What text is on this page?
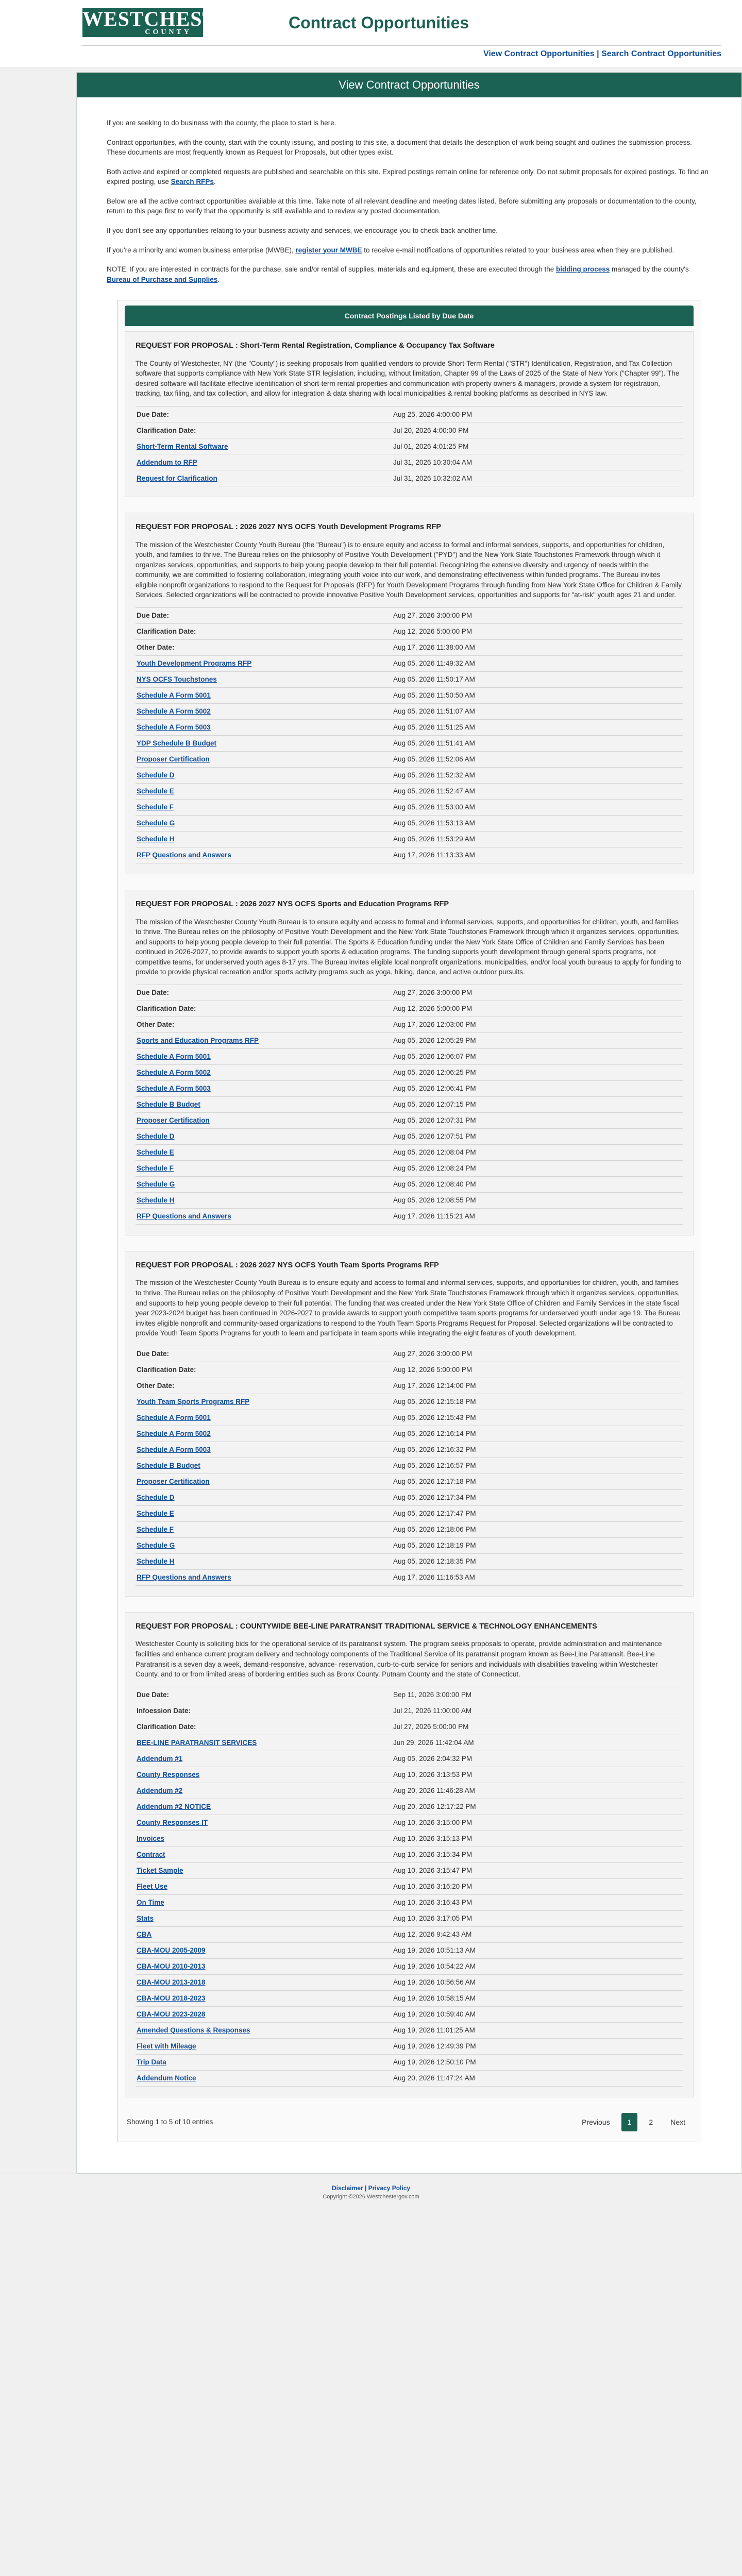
WESTCHESTER
COUNTY
Contract Opportunities
View Contract Opportunities | Search Contract Opportunities
View Contract Opportunities

If you are seeking to do business with the county, the place to start is here.

Contract opportunities, with the county, start with the county issuing, and posting to this site, a document that details the description of work being sought and outlines the submission process. These documents are most frequently known as Request for Proposals, but other types exist.

Both active and expired or completed requests are published and searchable on this site. Expired postings remain online for reference only. Do not submit proposals for expired postings. To find an expired posting, use Search RFPs.

Below are all the active contract opportunities available at this time. Take note of all relevant deadline and meeting dates listed. Before submitting any proposals or documentation to the county, return to this page first to verify that the opportunity is still available and to review any posted documentation.

If you don't see any opportunities relating to your business activity and services, we encourage you to check back another time.

If you're a minority and women business enterprise (MWBE), register your MWBE to receive e-mail notifications of opportunities related to your business area when they are published.

NOTE: If you are interested in contracts for the purchase, sale and/or rental of supplies, materials and equipment, these are executed through the bidding process managed by the county's Bureau of Purchase and Supplies.

Contract Postings Listed by Due Date
REQUEST FOR PROPOSAL : Short-Term Rental Registration, Compliance & Occupancy Tax Software
The County of Westchester, NY (the "County") is seeking proposals from qualified vendors to provide Short-Term Rental ("STR") Identification, Registration, and Tax Collection software that supports compliance with New York State STR legislation, including, without limitation, Chapter 99 of the Laws of 2025 of the State of New York ("Chapter 99"). The desired software will facilitate effective identification of short-term rental properties and communication with property owners & managers, provide a system for registration, tracking, tax filing, and tax collection, and allow for integration & data sharing with local municipalities & rental booking platforms as described in NYS law.
Due Date:	Aug 25, 2026 4:00:00 PM
Clarification Date:	Jul 20, 2026 4:00:00 PM
Short-Term Rental Software	Jul 01, 2026 4:01:25 PM
Addendum to RFP	Jul 31, 2026 10:30:04 AM
Request for Clarification	Jul 31, 2026 10:32:02 AM
REQUEST FOR PROPOSAL : 2026 2027 NYS OCFS Youth Development Programs RFP
The mission of the Westchester County Youth Bureau (the "Bureau") is to ensure equity and access to formal and informal services, supports, and opportunities for children, youth, and families to thrive. The Bureau relies on the philosophy of Positive Youth Development ("PYD") and the New York State Touchstones Framework through which it organizes services, opportunities, and supports to help young people develop to their full potential. Recognizing the extensive diversity and urgency of needs within the community, we are committed to fostering collaboration, integrating youth voice into our work, and demonstrating effectiveness within funded programs. The Bureau invites eligible nonprofit organizations to respond to the Request for Proposals (RFP) for Youth Development Programs through funding from New York State Office for Children & Family Services. Selected organizations will be contracted to provide innovative Positive Youth Development services, opportunities and supports for "at-risk" youth ages 21 and under.
Due Date:	Aug 27, 2026 3:00:00 PM
Clarification Date:	Aug 12, 2026 5:00:00 PM
Other Date:	Aug 17, 2026 11:38:00 AM
Youth Development Programs RFP	Aug 05, 2026 11:49:32 AM
NYS OCFS Touchstones	Aug 05, 2026 11:50:17 AM
Schedule A Form 5001	Aug 05, 2026 11:50:50 AM
Schedule A Form 5002	Aug 05, 2026 11:51:07 AM
Schedule A Form 5003	Aug 05, 2026 11:51:25 AM
YDP Schedule B Budget	Aug 05, 2026 11:51:41 AM
Proposer Certification	Aug 05, 2026 11:52:06 AM
Schedule D	Aug 05, 2026 11:52:32 AM
Schedule E	Aug 05, 2026 11:52:47 AM
Schedule F	Aug 05, 2026 11:53:00 AM
Schedule G	Aug 05, 2026 11:53:13 AM
Schedule H	Aug 05, 2026 11:53:29 AM
RFP Questions and Answers	Aug 17, 2026 11:13:33 AM
REQUEST FOR PROPOSAL : 2026 2027 NYS OCFS Sports and Education Programs RFP
The mission of the Westchester County Youth Bureau is to ensure equity and access to formal and informal services, supports, and opportunities for children, youth, and families to thrive. The Bureau relies on the philosophy of Positive Youth Development and the New York State Touchstones Framework through which it organizes services, opportunities, and supports to help young people develop to their full potential. The Sports & Education funding under the New York State Office of Children and Family Services has been continued in 2026-2027, to provide awards to support youth sports & education programs. The funding supports youth development through general sports programs, not competitive teams, for underserved youth ages 8-17 yrs. The Bureau invites eligible local nonprofit organizations, municipalities, and/or local youth bureaus to apply for funding to provide to provide physical recreation and/or sports activity programs such as yoga, hiking, dance, and active outdoor pursuits.
Due Date:	Aug 27, 2026 3:00:00 PM
Clarification Date:	Aug 12, 2026 5:00:00 PM
Other Date:	Aug 17, 2026 12:03:00 PM
Sports and Education Programs RFP	Aug 05, 2026 12:05:29 PM
Schedule A Form 5001	Aug 05, 2026 12:06:07 PM
Schedule A Form 5002	Aug 05, 2026 12:06:25 PM
Schedule A Form 5003	Aug 05, 2026 12:06:41 PM
Schedule B Budget	Aug 05, 2026 12:07:15 PM
Proposer Certification	Aug 05, 2026 12:07:31 PM
Schedule D	Aug 05, 2026 12:07:51 PM
Schedule E	Aug 05, 2026 12:08:04 PM
Schedule F	Aug 05, 2026 12:08:24 PM
Schedule G	Aug 05, 2026 12:08:40 PM
Schedule H	Aug 05, 2026 12:08:55 PM
RFP Questions and Answers	Aug 17, 2026 11:15:21 AM
REQUEST FOR PROPOSAL : 2026 2027 NYS OCFS Youth Team Sports Programs RFP
The mission of the Westchester County Youth Bureau is to ensure equity and access to formal and informal services, supports, and opportunities for children, youth, and families to thrive. The Bureau relies on the philosophy of Positive Youth Development and the New York State Touchstones Framework through which it organizes services, opportunities, and supports to help young people develop to their full potential. The funding that was created under the New York State Office of Children and Family Services in the state fiscal year 2023-2024 budget has been continued in 2026-2027 to provide awards to support youth competitive team sports programs for underserved youth under age 19. The Bureau invites eligible nonprofit and community-based organizations to respond to the Youth Team Sports Programs Request for Proposal. Selected organizations will be contracted to provide Youth Team Sports Programs for youth to learn and participate in team sports while integrating the eight features of youth development.
Due Date:	Aug 27, 2026 3:00:00 PM
Clarification Date:	Aug 12, 2026 5:00:00 PM
Other Date:	Aug 17, 2026 12:14:00 PM
Youth Team Sports Programs RFP	Aug 05, 2026 12:15:18 PM
Schedule A Form 5001	Aug 05, 2026 12:15:43 PM
Schedule A Form 5002	Aug 05, 2026 12:16:14 PM
Schedule A Form 5003	Aug 05, 2026 12:16:32 PM
Schedule B Budget	Aug 05, 2026 12:16:57 PM
Proposer Certification	Aug 05, 2026 12:17:18 PM
Schedule D	Aug 05, 2026 12:17:34 PM
Schedule E	Aug 05, 2026 12:17:47 PM
Schedule F	Aug 05, 2026 12:18:06 PM
Schedule G	Aug 05, 2026 12:18:19 PM
Schedule H	Aug 05, 2026 12:18:35 PM
RFP Questions and Answers	Aug 17, 2026 11:16:53 AM
REQUEST FOR PROPOSAL : COUNTYWIDE BEE-LINE PARATRANSIT TRADITIONAL SERVICE & TECHNOLOGY ENHANCEMENTS
Westchester County is soliciting bids for the operational service of its paratransit system. The program seeks proposals to operate, provide administration and maintenance facilities and enhance current program delivery and technology components of the Traditional Service of its paratransit program known as Bee-Line Paratransit. Bee-Line Paratransit is a seven day a week, demand-responsive, advance- reservation, curb-to-curb service for seniors and individuals with disabilities traveling within Westchester County, and to or from limited areas of bordering entities such as Bronx County, Putnam County and the state of Connecticut.
Due Date:	Sep 11, 2026 3:00:00 PM
Infoession Date:	Jul 21, 2026 11:00:00 AM
Clarification Date:	Jul 27, 2026 5:00:00 PM
BEE-LINE PARATRANSIT SERVICES	Jun 29, 2026 11:42:04 AM
Addendum #1	Aug 05, 2026 2:04:32 PM
County Responses	Aug 10, 2026 3:13:53 PM
Addendum #2	Aug 20, 2026 11:46:28 AM
Addendum #2 NOTICE	Aug 20, 2026 12:17:22 PM
County Responses IT	Aug 10, 2026 3:15:00 PM
Invoices	Aug 10, 2026 3:15:13 PM
Contract	Aug 10, 2026 3:15:34 PM
Ticket Sample	Aug 10, 2026 3:15:47 PM
Fleet Use	Aug 10, 2026 3:16:20 PM
On Time	Aug 10, 2026 3:16:43 PM
Stats	Aug 10, 2026 3:17:05 PM
CBA	Aug 12, 2026 9:42:43 AM
CBA-MOU 2005-2009	Aug 19, 2026 10:51:13 AM
CBA-MOU 2010-2013	Aug 19, 2026 10:54:22 AM
CBA-MOU 2013-2018	Aug 19, 2026 10:56:56 AM
CBA-MOU 2018-2023	Aug 19, 2026 10:58:15 AM
CBA-MOU 2023-2028	Aug 19, 2026 10:59:40 AM
Amended Questions & Responses	Aug 19, 2026 11:01:25 AM
Fleet with Mileage	Aug 19, 2026 12:49:39 PM
Trip Data	Aug 19, 2026 12:50:10 PM
Addendum Notice	Aug 20, 2026 11:47:24 AM
Showing 1 to 5 of 10 entries	Previous	1	2	Next
Disclaimer | Privacy Policy
Copyright ©2026 Westchestergov.com
